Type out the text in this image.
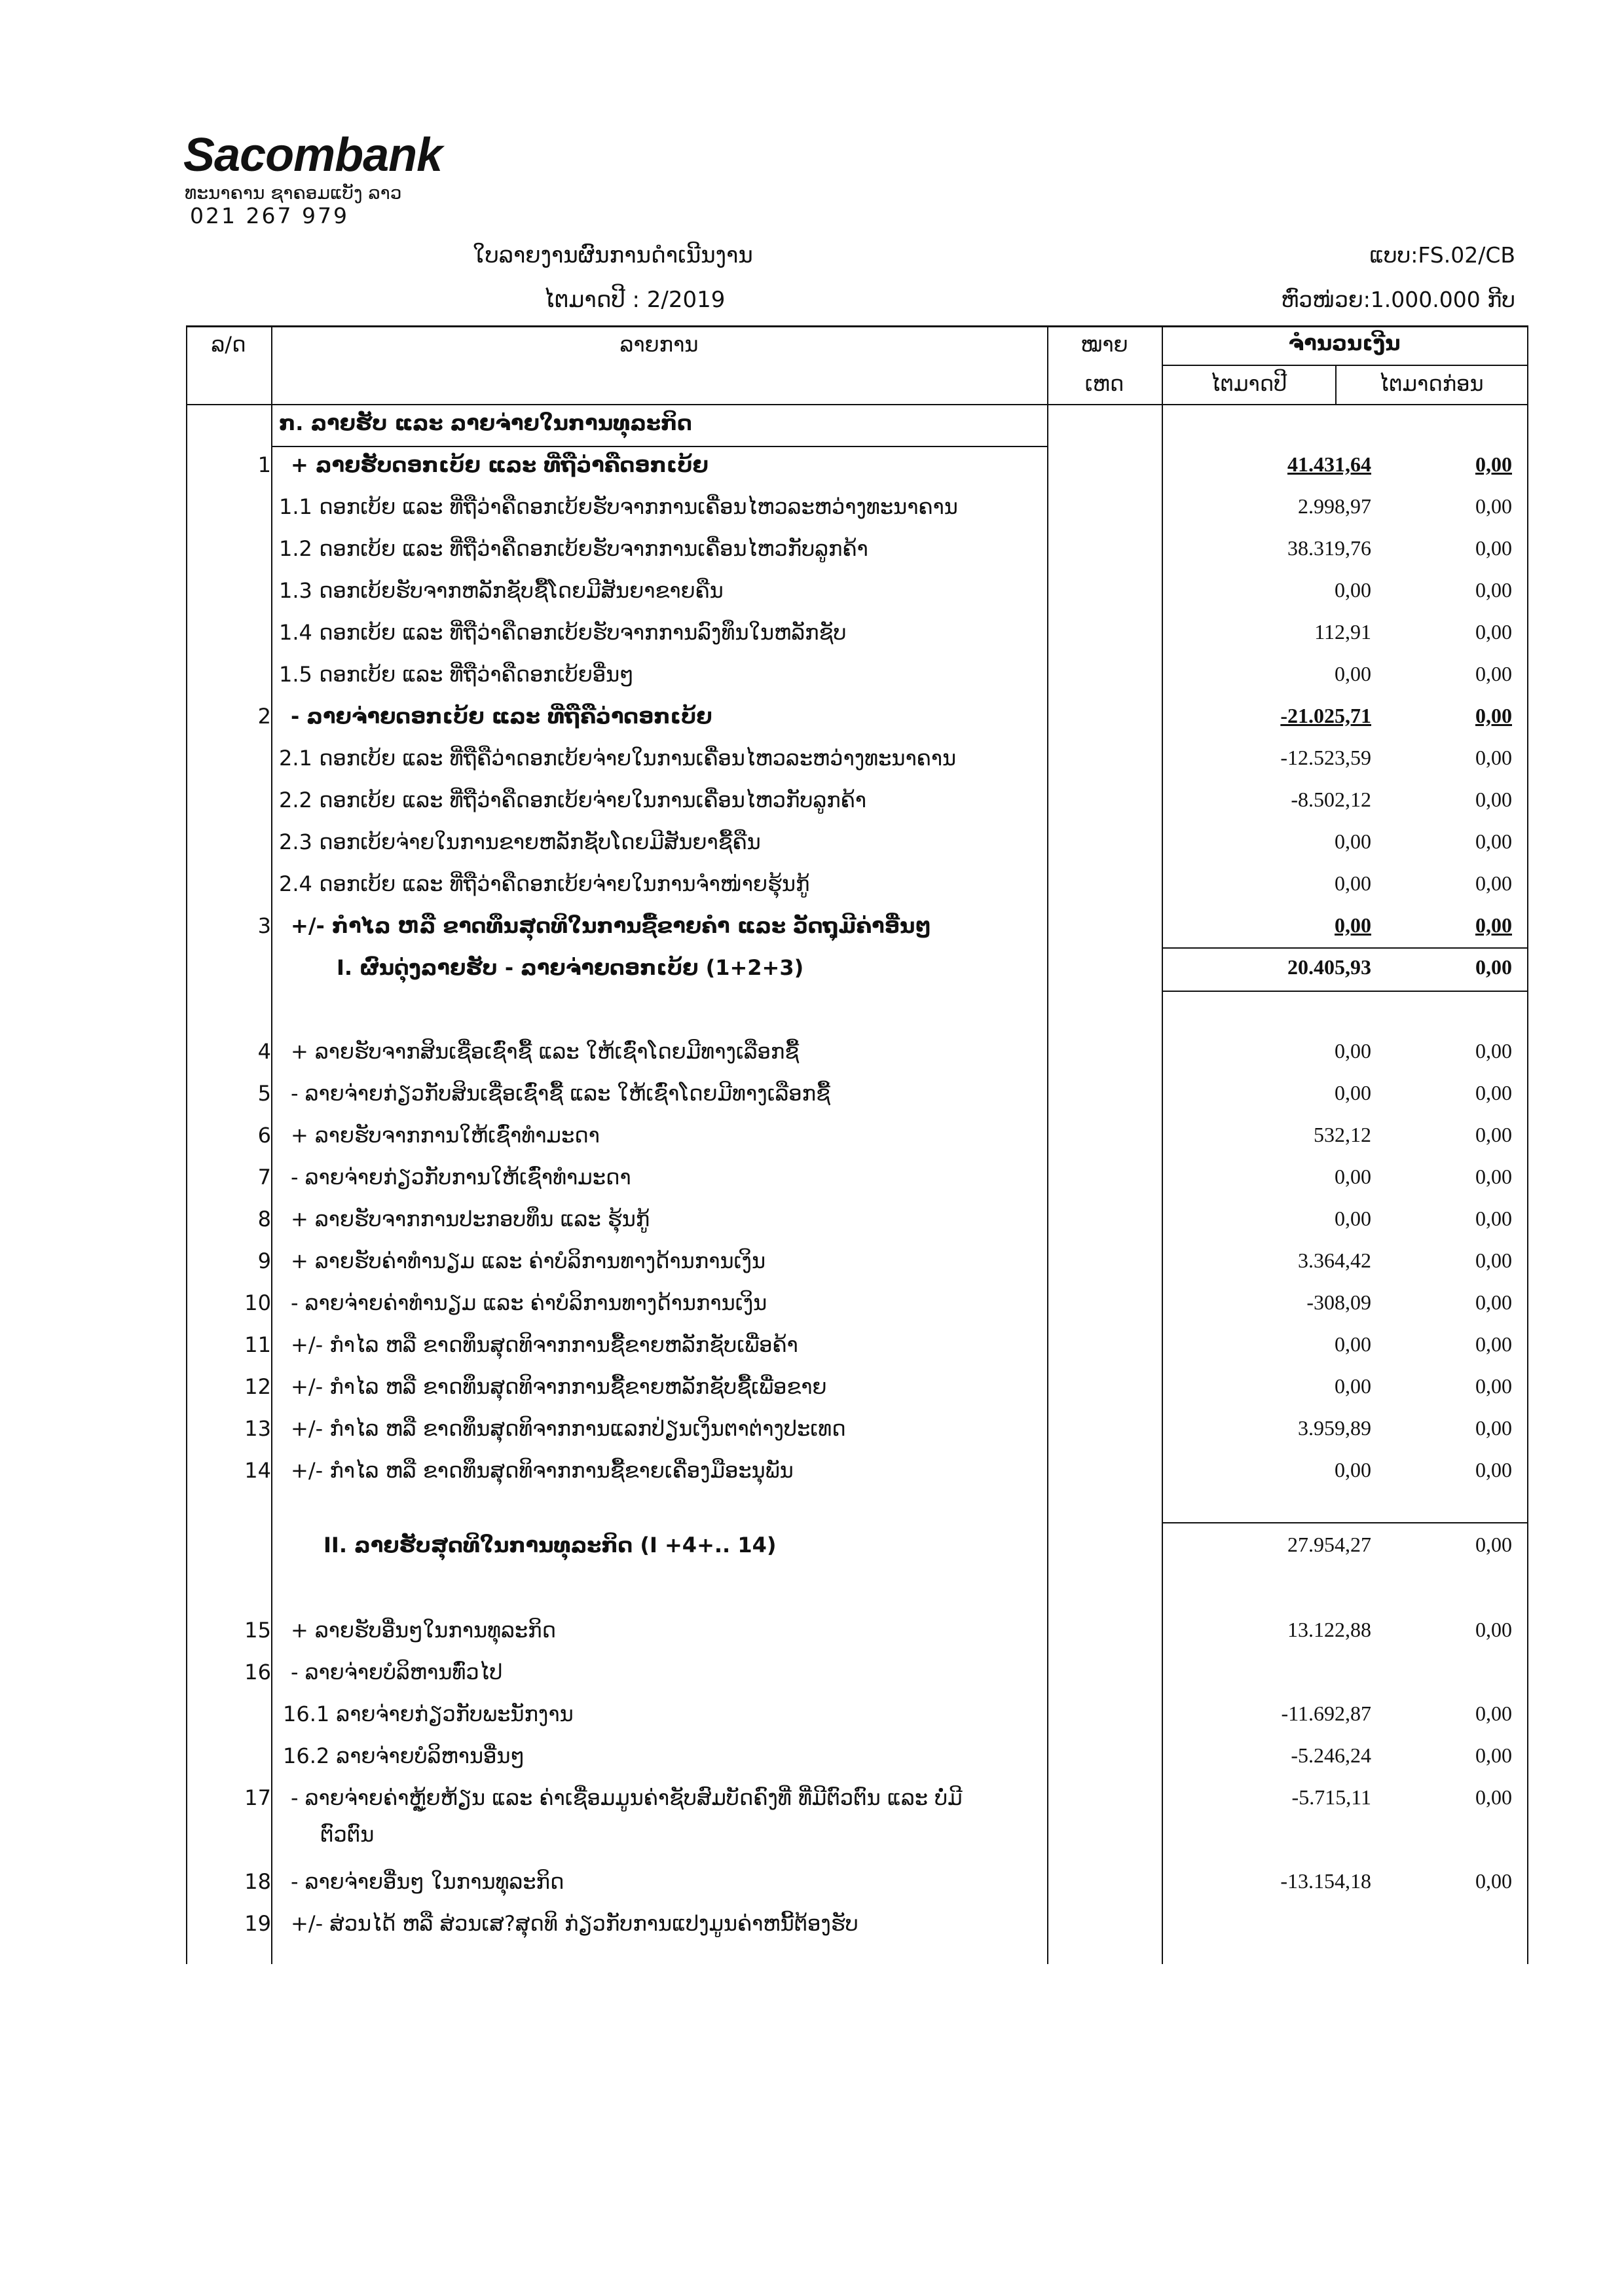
Sacombank
ທະນາຄານ ຊາຄອມແບັງ ລາວ
021 267 979
ໃບລາຍງານຜົນການດຳເນີນງານ
ໄຕມາດປີ : 2/2019
ແບບ:FS.02/CB
ຫົວໜ່ວຍ:1.000.000 ກີບ
ລ/ດ	ລາຍການ	ໝາຍ
ເຫດ
ຈຳນວນເງີນ
ໄຕມາດປີ	ໄຕມາດກ່ອນ
ກ. ລາຍຮັບ ແລະ ລາຍຈ່າຍໃນການທຸລະກິດ
1 + ລາຍຮັບດອກເບ້ຍ ແລະ ທີ່ຖືວ່າຄືດອກເບ້ຍ	41.431,64	0,00
1.1 ດອກເບ້ຍ ແລະ ທີ່ຖືວ່າຄືດອກເບ້ຍຮັບຈາກການເຄື່ອນໄຫວລະຫວ່າງທະນາຄານ	2.998,97	0,00
1.2 ດອກເບ້ຍ ແລະ ທີ່ຖືວ່າຄືດອກເບ້ຍຮັບຈາກການເຄື່ອນໄຫວກັບລູກຄ້າ	38.319,76	0,00
1.3 ດອກເບ້ຍຮັບຈາກຫລັກຊັບຊື້ໂດຍມີສັນຍາຂາຍຄືນ	0,00	0,00
1.4 ດອກເບ້ຍ ແລະ ທີ່ຖືວ່າຄືດອກເບ້ຍຮັບຈາກການລົງທຶນໃນຫລັກຊັບ	112,91	0,00
1.5 ດອກເບ້ຍ ແລະ ທີ່ຖືວ່າຄືດອກເບ້ຍອື່ນໆ	0,00	0,00
2 - ລາຍຈ່າຍດອກເບ້ຍ ແລະ ທີ່ຖືຄືວ່າດອກເບ້ຍ	-21.025,71	0,00
2.1 ດອກເບ້ຍ ແລະ ທີ່ຖືຄືວ່າດອກເບ້ຍຈ່າຍໃນການເຄື່ອນໄຫວລະຫວ່າງທະນາຄານ	-12.523,59	0,00
2.2 ດອກເບ້ຍ ແລະ ທີ່ຖືວ່າຄືດອກເບ້ຍຈ່າຍໃນການເຄື່ອນໄຫວກັບລູກຄ້າ	-8.502,12	0,00
2.3 ດອກເບ້ຍຈ່າຍໃນການຂາຍຫລັກຊັບໂດຍມີສັນຍາຊື້ຄືນ	0,00	0,00
2.4 ດອກເບ້ຍ ແລະ ທີ່ຖືວ່າຄືດອກເບ້ຍຈ່າຍໃນການຈຳໜ່າຍຮຸ້ນກູ້	0,00	0,00
3 +/- ກຳໄລ ຫລື ຂາດທຶນສຸດທິໃນການຊື້ຂາຍຄຳ ແລະ ວັດຖຸມີຄ່າອື່ນໆ	0,00	0,00
I. ຜົນດຸ່ງລາຍຮັບ - ລາຍຈ່າຍດອກເບ້ຍ (1+2+3)	20.405,93	0,00
4 + ລາຍຮັບຈາກສິນເຊື່ອເຊົ່າຊື້ ແລະ ໃຫ້ເຊົ່າໂດຍມີທາງເລືອກຊື້	0,00	0,00
5 - ລາຍຈ່າຍກ່ຽວກັບສິນເຊື່ອເຊົ່າຊື້ ແລະ ໃຫ້ເຊົ່າໂດຍມີທາງເລືອກຊື້	0,00	0,00
6 + ລາຍຮັບຈາກການໃຫ້ເຊົ່າທຳມະດາ	532,12	0,00
7 - ລາຍຈ່າຍກ່ຽວກັບການໃຫ້ເຊົ່າທຳມະດາ	0,00	0,00
8 + ລາຍຮັບຈາກການປະກອບທຶນ ແລະ ຮຸ້ນກູ້	0,00	0,00
9 + ລາຍຮັບຄ່າທຳນຽມ ແລະ ຄ່າບໍລິການທາງດ້ານການເງິນ	3.364,42	0,00
10 - ລາຍຈ່າຍຄ່າທຳນຽມ ແລະ ຄ່າບໍລິການທາງດ້ານການເງິນ	-308,09	0,00
11 +/- ກຳໄລ ຫລື ຂາດທຶນສຸດທິຈາກການຊື້ຂາຍຫລັກຊັບເພື່ອຄ້າ	0,00	0,00
12 +/- ກຳໄລ ຫລື ຂາດທຶນສຸດທິຈາກການຊື້ຂາຍຫລັກຊັບຊື້ເພື່ອຂາຍ	0,00	0,00
13 +/- ກຳໄລ ຫລື ຂາດທຶນສຸດທິຈາກການແລກປ່ຽນເງິນຕາຕ່າງປະເທດ	3.959,89	0,00
14 +/- ກຳໄລ ຫລື ຂາດທຶນສຸດທິຈາກການຊື້ຂາຍເຄື່ອງມືອະນຸພັນ	0,00	0,00
II. ລາຍຮັບສຸດທິໃນການທຸລະກິດ (I +4+.. 14)	27.954,27	0,00
15 + ລາຍຮັບອື່ນໆໃນການທຸລະກິດ	13.122,88	0,00
16 - ລາຍຈ່າຍບໍລິຫານທົ່ວໄປ
16.1 ລາຍຈ່າຍກ່ຽວກັບພະນັກງານ	-11.692,87	0,00
16.2 ລາຍຈ່າຍບໍລິຫານອື່ນໆ	-5.246,24	0,00
17 - ລາຍຈ່າຍຄ່າຫຼູ້ຍຫ້ຽນ ແລະ ຄ່າເຊື່ອມມູນຄ່າຊັບສົມບັດຄົງທີ່ ທີ່ມີຕົວຕົນ ແລະ ບໍ່ມີ
ຕົວຕົນ
-5.715,11	0,00
18 - ລາຍຈ່າຍອື່ນໆ ໃນການທຸລະກິດ	-13.154,18	0,00
19 +/- ສ່ວນໄດ້ ຫລື ສ່ວນເສ?ສຸດທິ ກ່ຽວກັບການແປງມູນຄ່າຫນີ້ຕ້ອງຮັບ
